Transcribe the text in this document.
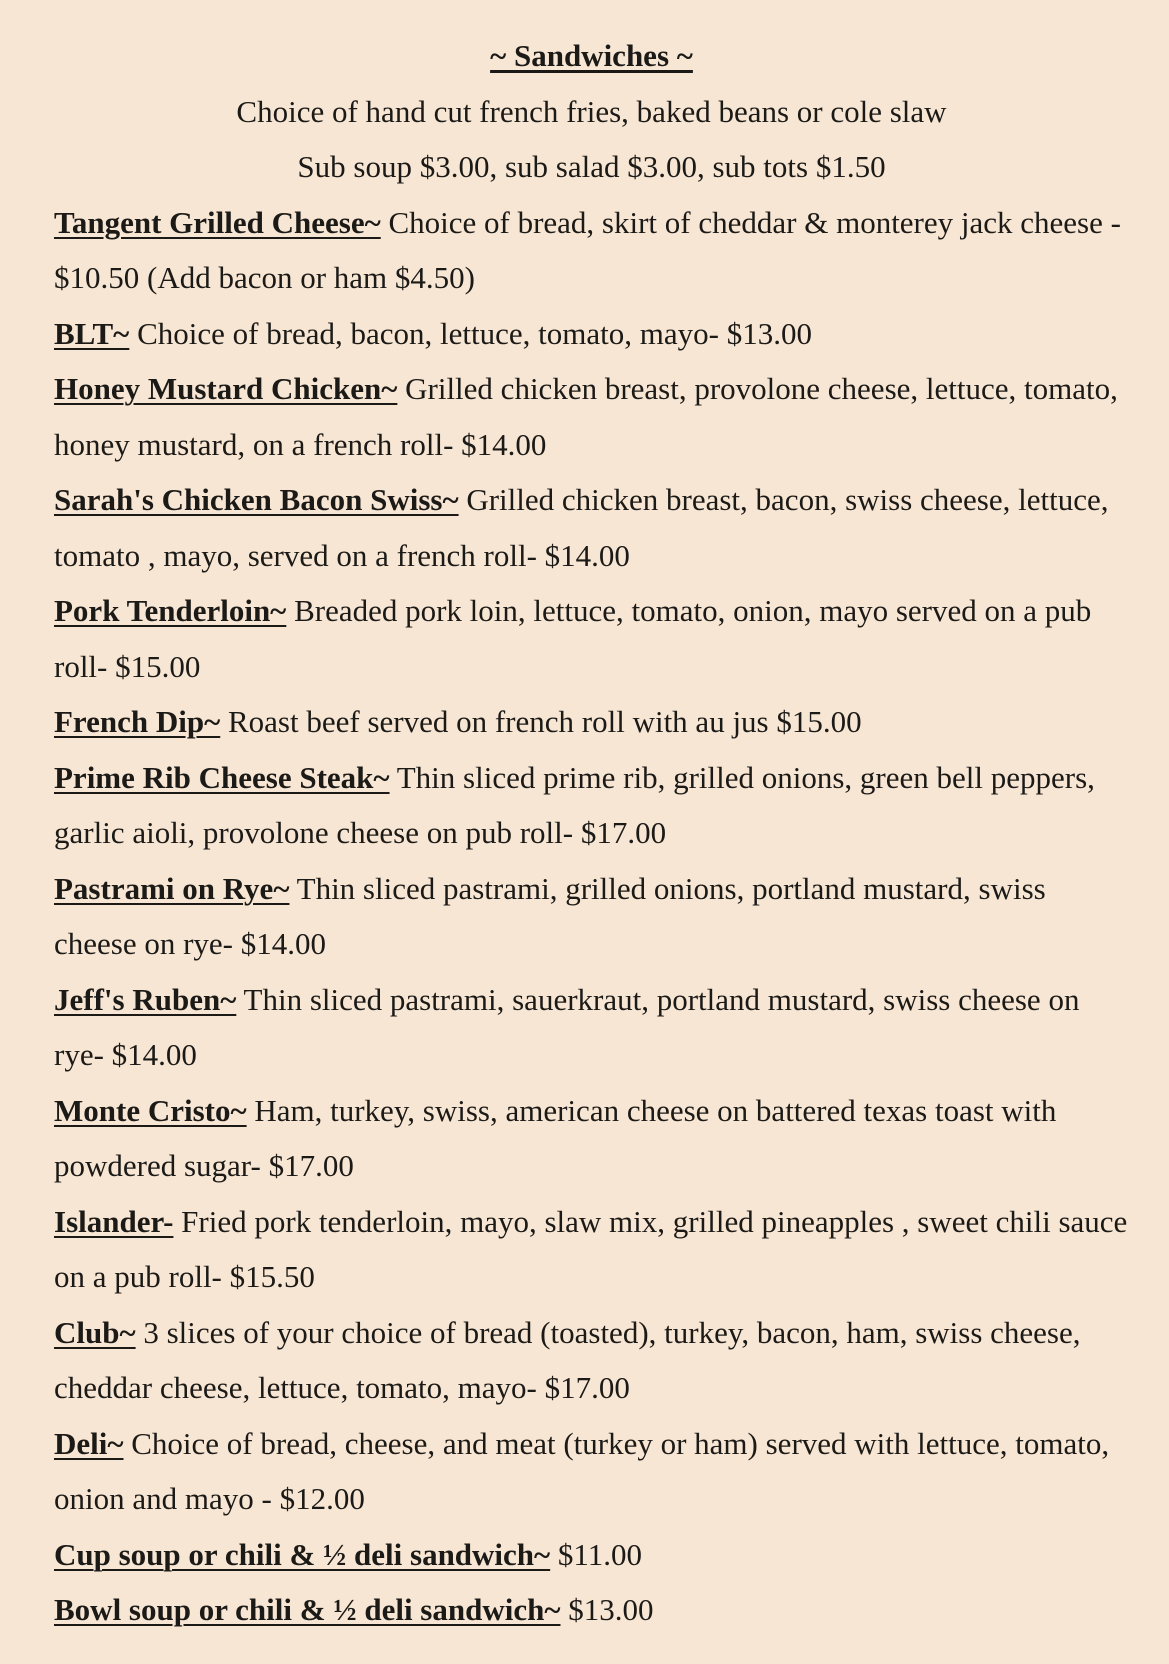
~ Sandwiches ~
Choice of hand cut french fries, baked beans or cole slaw
Sub soup $3.00, sub salad $3.00, sub tots $1.50

Tangent Grilled Cheese~ Choice of bread, skirt of cheddar & monterey jack cheese - $10.50 (Add bacon or ham $4.50)

BLT~ Choice of bread, bacon, lettuce, tomato, mayo- $13.00

Honey Mustard Chicken~ Grilled chicken breast, provolone cheese, lettuce, tomato, honey mustard, on a french roll- $14.00

Sarah's Chicken Bacon Swiss~ Grilled chicken breast, bacon, swiss cheese, lettuce, tomato , mayo, served on a french roll- $14.00

Pork Tenderloin~ Breaded pork loin, lettuce, tomato, onion, mayo served on a pub roll- $15.00

French Dip~ Roast beef served on french roll with au jus $15.00

Prime Rib Cheese Steak~ Thin sliced prime rib, grilled onions, green bell peppers, garlic aioli, provolone cheese on pub roll- $17.00

Pastrami on Rye~ Thin sliced pastrami, grilled onions, portland mustard, swiss cheese on rye- $14.00

Jeff's Ruben~ Thin sliced pastrami, sauerkraut, portland mustard, swiss cheese on rye- $14.00

Monte Cristo~ Ham, turkey, swiss, american cheese on battered texas toast with powdered sugar- $17.00

Islander- Fried pork tenderloin, mayo, slaw mix, grilled pineapples , sweet chili sauce on a pub roll- $15.50

Club~ 3 slices of your choice of bread (toasted), turkey, bacon, ham, swiss cheese, cheddar cheese, lettuce, tomato, mayo- $17.00

Deli~ Choice of bread, cheese, and meat (turkey or ham) served with lettuce, tomato, onion and mayo - $12.00

Cup soup or chili & ½ deli sandwich~ $11.00

Bowl soup or chili & ½ deli sandwich~ $13.00
